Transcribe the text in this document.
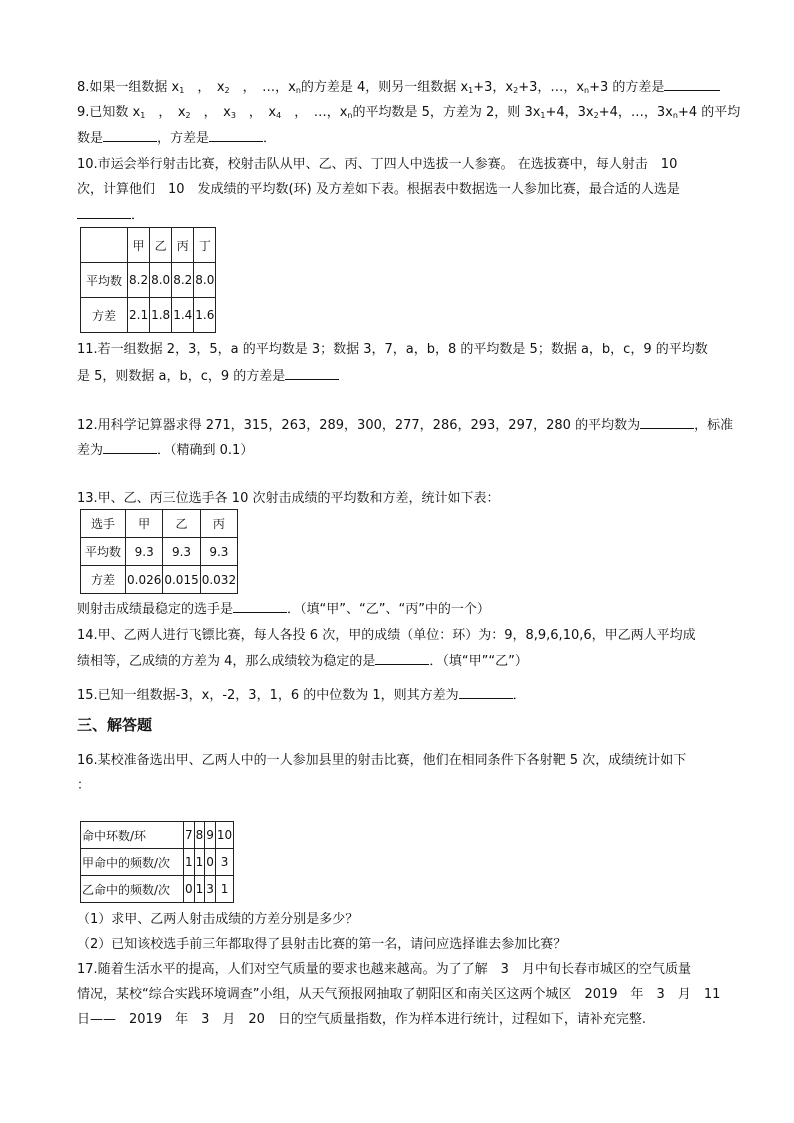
8.如果一组数据 $x_1$　，　$x_2$　，　…，$x_n$的方差是 4，则另一组数据 $x_1+3$，$x_2+3$，…，$x_n+3$ 的方差是
9.已知数 $x_1$　，　$x_2$　，　$x_3$　，　$x_4$　，　…，$x_n$的平均数是 5，方差为 2，则 $3x_1+4$，$3x_2+4$，…，$3x_n+4$ 的平均
数是	，方差是	．
10.市运会举行射击比赛，校射击队从甲、乙、丙、丁四人中选拔一人参赛。 在选拔赛中，每人射击　10
次，计算他们　10　发成绩的平均数(环) 及方差如下表。根据表中数据选一人参加比赛，最合适的人选是
．
	甲	乙	丙	丁
平均数	8.2	8.0	8.2	8.0
方差	2.1	1.8	1.4	1.6
11.若一组数据 2，3，5，a 的平均数是 3；数据 3，7，a，b，8 的平均数是 5；数据 a，b，c，9 的平均数
是 5，则数据 a，b，c，9 的方差是
12.用科学记算器求得 271，315，263，289，300，277，286，293，297，280 的平均数为	，标准
差为	．（精确到 0.1）
13.甲、乙、丙三位选手各 10 次射击成绩的平均数和方差，统计如下表：
选手	甲	乙	丙
平均数	9.3	9.3	9.3
方差	0.026	0.015	0.032
则射击成绩最稳定的选手是	．（填“甲”、“乙”、“丙”中的一个）
14.甲、乙两人进行飞镖比赛，每人各投 6 次，甲的成绩（单位：环）为：9，8,9,6,10,6，甲乙两人平均成
绩相等，乙成绩的方差为 4，那么成绩较为稳定的是	．（填“甲”“乙”）
15.已知一组数据-3，x，-2，3，1，6 的中位数为 1，则其方差为	．
三、解答题
16.某校准备选出甲、乙两人中的一人参加县里的射击比赛，他们在相同条件下各射靶 5 次，成绩统计如下
：
命中环数/环	7	8	9	10
甲命中的频数/次	1	1	0	3
乙命中的频数/次	0	1	3	1
（1）求甲、乙两人射击成绩的方差分别是多少？
（2）已知该校选手前三年都取得了县射击比赛的第一名，请问应选择谁去参加比赛？
17.随着生活水平的提高，人们对空气质量的要求也越来越高。为了了解　3　月中旬长春市城区的空气质量
情况，某校“综合实践环境调查”小组，从天气预报网抽取了朝阳区和南关区这两个城区　2019　年　3　月　11
日——　2019　年　3　月　20　日的空气质量指数，作为样本进行统计，过程如下，请补充完整.
